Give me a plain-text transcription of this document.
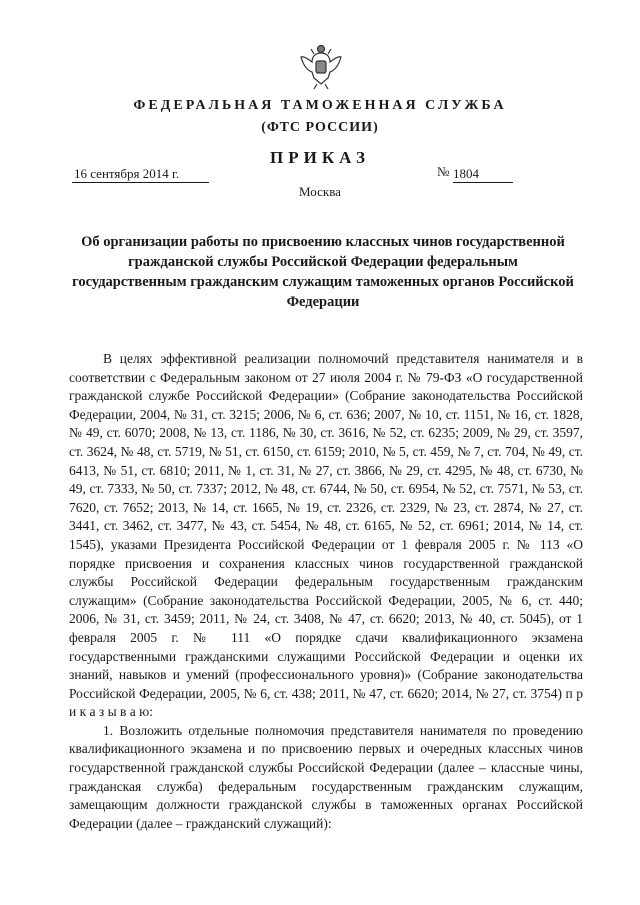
ФЕДЕРАЛЬНАЯ ТАМОЖЕННАЯ СЛУЖБА
(ФТС РОССИИ)
ПРИКАЗ
16 сентября 2014 г.	№ 1804
Москва
Об организации работы по присвоению классных чинов государственной гражданской службы Российской Федерации федеральным государственным гражданским служащим таможенных органов Российской Федерации

В целях эффективной реализации полномочий представителя нанимателя и в соответствии с Федеральным законом от 27 июля 2004 г. № 79-ФЗ «О государственной гражданской службе Российской Федерации» (Собрание законодательства Российской Федерации, 2004, № 31, ст. 3215; 2006, № 6, ст. 636; 2007, № 10, ст. 1151, № 16, ст. 1828, № 49, ст. 6070; 2008, № 13, ст. 1186, № 30, ст. 3616, № 52, ст. 6235; 2009, № 29, ст. 3597, ст. 3624, № 48, ст. 5719, № 51, ст. 6150, ст. 6159; 2010, № 5, ст. 459, № 7, ст. 704, № 49, ст. 6413, № 51, ст. 6810; 2011, № 1, ст. 31, № 27, ст. 3866, № 29, ст. 4295, № 48, ст. 6730, № 49, ст. 7333, № 50, ст. 7337; 2012, № 48, ст. 6744, № 50, ст. 6954, № 52, ст. 7571, № 53, ст. 7620, ст. 7652; 2013, № 14, ст. 1665, № 19, ст. 2326, ст. 2329, № 23, ст. 2874, № 27, ст. 3441, ст. 3462, ст. 3477, № 43, ст. 5454, № 48, ст. 6165, № 52, ст. 6961; 2014, № 14, ст. 1545), указами Президента Российской Федерации от 1 февраля 2005 г. № 113 «О порядке присвоения и сохранения классных чинов государственной гражданской службы Российской Федерации федеральным государственным гражданским служащим» (Собрание законодательства Российской Федерации, 2005, № 6, ст. 440; 2006, № 31, ст. 3459; 2011, № 24, ст. 3408, № 47, ст. 6620; 2013, № 40, ст. 5045), от 1 февраля 2005 г. № 111 «О порядке сдачи квалификационного экзамена государственными гражданскими служащими Российской Федерации и оценки их знаний, навыков и умений (профессионального уровня)» (Собрание законодательства Российской Федерации, 2005, № 6, ст. 438; 2011, № 47, ст. 6620; 2014, № 27, ст. 3754) п р и к а з ы в а ю:

1. Возложить отдельные полномочия представителя нанимателя по проведению квалификационного экзамена и по присвоению первых и очередных классных чинов государственной гражданской службы Российской Федерации (далее – классные чины, гражданская служба) федеральным государственным гражданским служащим, замещающим должности гражданской службы в таможенных органах Российской Федерации (далее – гражданский служащий):
